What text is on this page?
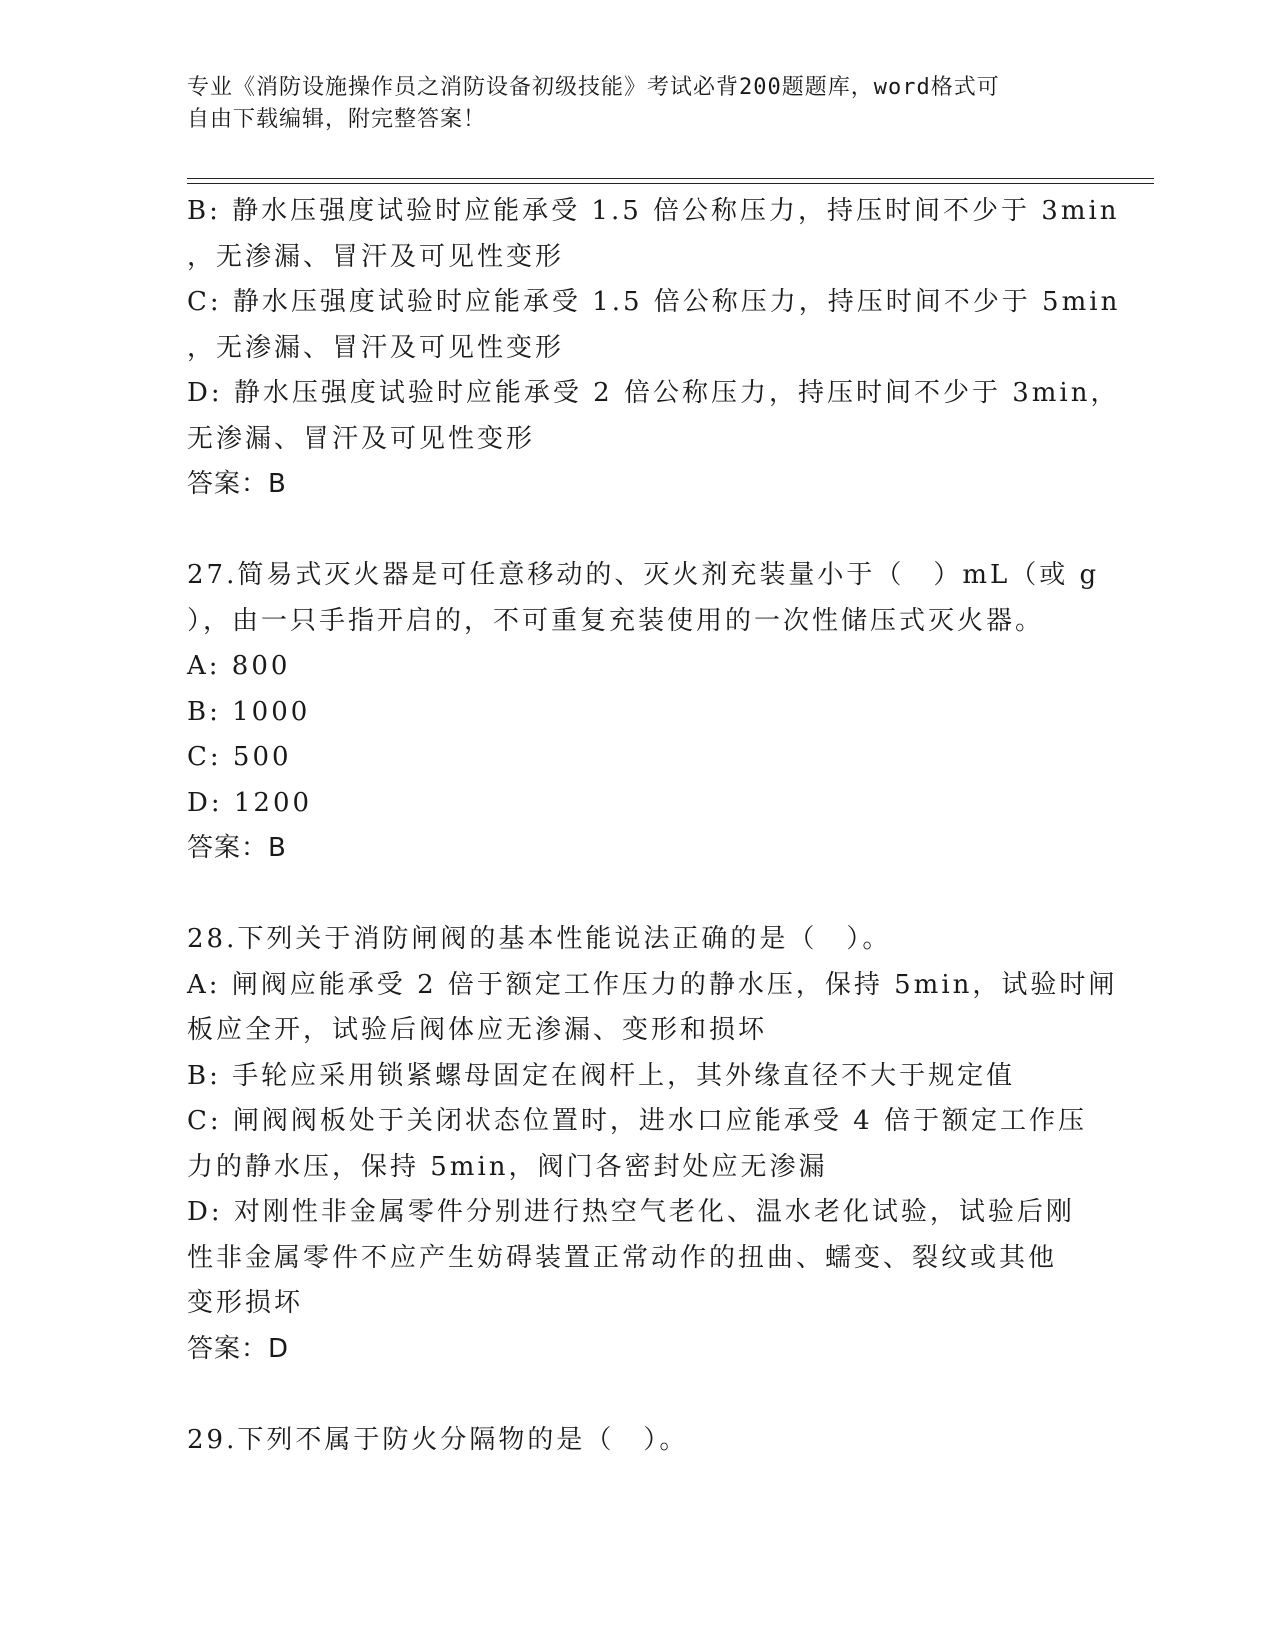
专业《消防设施操作员之消防设备初级技能》考试必背200题题库，word格式可
自由下载编辑，附完整答案！
B: 静水压强度试验时应能承受 1.5 倍公称压力，持压时间不少于 3min
，无渗漏、冒汗及可见性变形
C: 静水压强度试验时应能承受 1.5 倍公称压力，持压时间不少于 5min
，无渗漏、冒汗及可见性变形
D: 静水压强度试验时应能承受 2 倍公称压力，持压时间不少于 3min，
无渗漏、冒汗及可见性变形
答案：B
27.简易式灭火器是可任意移动的、灭火剂充装量小于（　）mL（或 g
），由一只手指开启的，不可重复充装使用的一次性储压式灭火器。
A: 800
B: 1000
C: 500
D: 1200
答案：B
28.下列关于消防闸阀的基本性能说法正确的是（　）。
A: 闸阀应能承受 2 倍于额定工作压力的静水压，保持 5min，试验时闸
板应全开，试验后阀体应无渗漏、变形和损坏
B: 手轮应采用锁紧螺母固定在阀杆上，其外缘直径不大于规定值
C: 闸阀阀板处于关闭状态位置时，进水口应能承受 4 倍于额定工作压
力的静水压，保持 5min，阀门各密封处应无渗漏
D: 对刚性非金属零件分别进行热空气老化、温水老化试验，试验后刚
性非金属零件不应产生妨碍装置正常动作的扭曲、蠕变、裂纹或其他
变形损坏
答案：D
29.下列不属于防火分隔物的是（　）。
